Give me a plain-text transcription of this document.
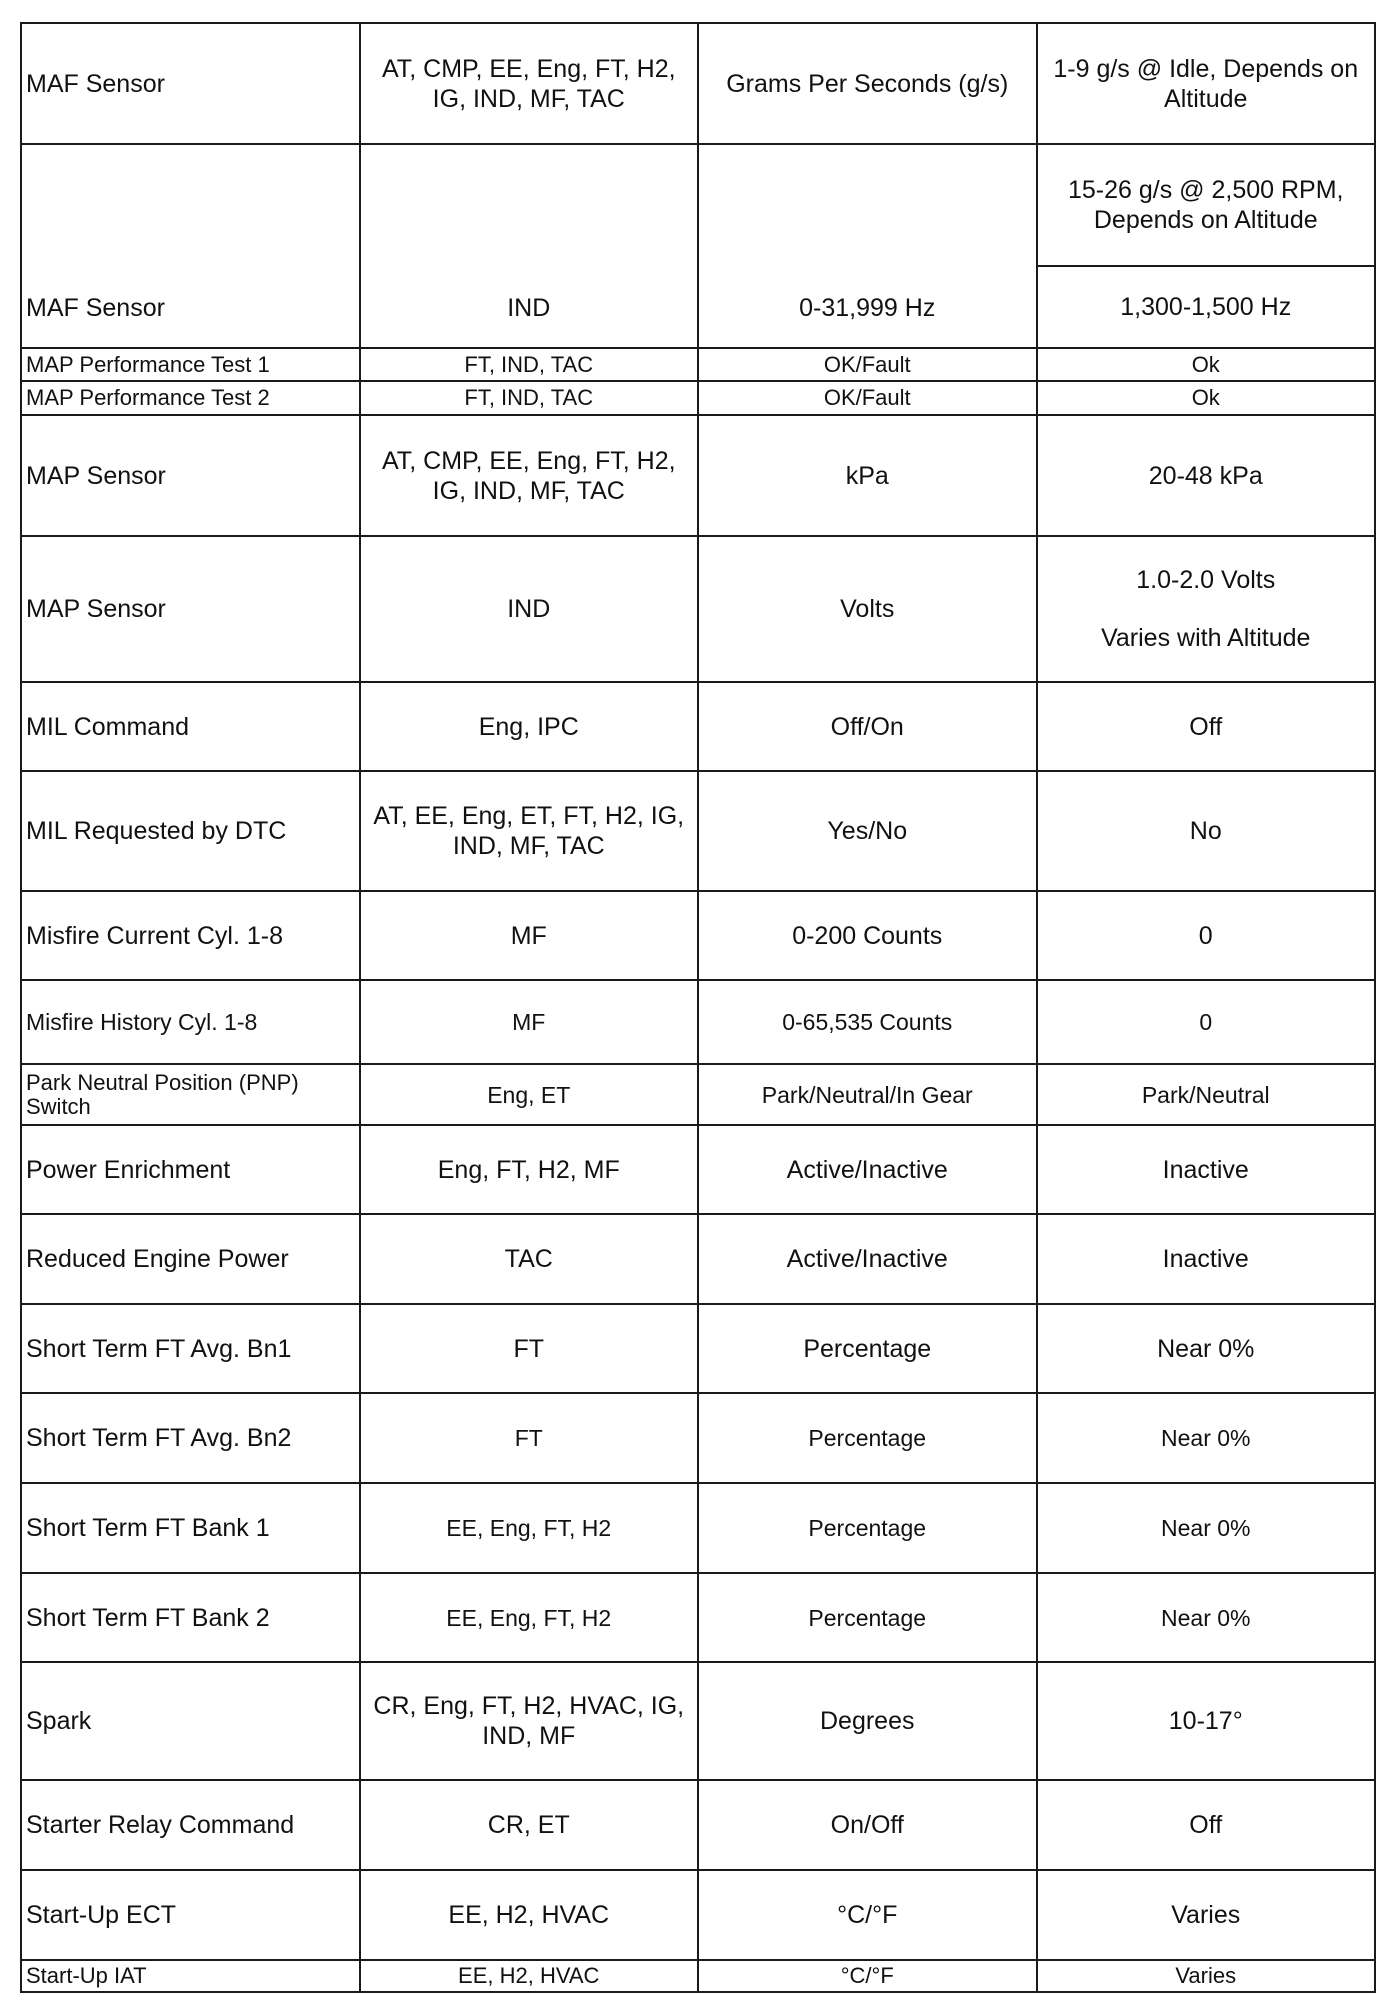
MAF Sensor	AT, CMP, EE, Eng, FT, H2, IG, IND, MF, TAC	Grams Per Seconds (g/s)	1-9 g/s @ Idle, Depends on Altitude
MAF Sensor	IND	0-31,999 Hz	15-26 g/s @ 2,500 RPM, Depends on Altitude
			1,300-1,500 Hz
MAP Performance Test 1	FT, IND, TAC	OK/Fault	Ok
MAP Performance Test 2	FT, IND, TAC	OK/Fault	Ok
MAP Sensor	AT, CMP, EE, Eng, FT, H2, IG, IND, MF, TAC	kPa	20-48 kPa
MAP Sensor	IND	Volts	1.0-2.0 Volts
Varies with Altitude

MIL Command	Eng, IPC	Off/On	Off
MIL Requested by DTC	AT, EE, Eng, ET, FT, H2, IG, IND, MF, TAC	Yes/No	No
Misfire Current Cyl. 1-8	MF	0-200 Counts	0
Misfire History Cyl. 1-8	MF	0-65,535 Counts	0
Park Neutral Position (PNP) Switch	Eng, ET	Park/Neutral/In Gear	Park/Neutral
Power Enrichment	Eng, FT, H2, MF	Active/Inactive	Inactive
Reduced Engine Power	TAC	Active/Inactive	Inactive
Short Term FT Avg. Bn1	FT	Percentage	Near 0%
Short Term FT Avg. Bn2	FT	Percentage	Near 0%
Short Term FT Bank 1	EE, Eng, FT, H2	Percentage	Near 0%
Short Term FT Bank 2	EE, Eng, FT, H2	Percentage	Near 0%
Spark	CR, Eng, FT, H2, HVAC, IG, IND, MF	Degrees	10-17°
Starter Relay Command	CR, ET	On/Off	Off
Start-Up ECT	EE, H2, HVAC	°C/°F	Varies
Start-Up IAT	EE, H2, HVAC	°C/°F	Varies
